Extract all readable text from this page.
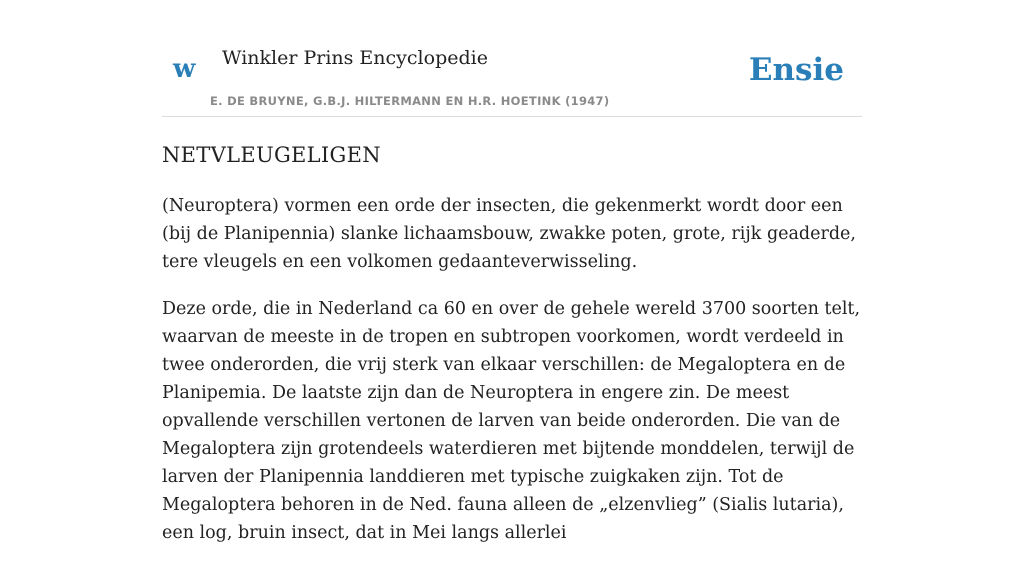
w Winkler Prins Encyclopedie
E. DE BRUYNE, G.B.J. HILTERMANN EN H.R. HOETINK (1947)
Ensie
NETVLEUGELIGEN

(Neuroptera) vormen een orde der insecten, die gekenmerkt wordt door een (bij de Planipennia) slanke lichaamsbouw, zwakke poten, grote, rijk geaderde, tere vleugels en een volkomen gedaanteverwisseling.

Deze orde, die in Nederland ca 60 en over de gehele wereld 3700 soorten telt, waarvan de meeste in de tropen en subtropen voorkomen, wordt verdeeld in twee onderorden, die vrij sterk van elkaar verschillen: de Megaloptera en de Planipemia. De laatste zijn dan de Neuroptera in engere zin. De meest opvallende verschillen vertonen de larven van beide onderorden. Die van de Megaloptera zijn grotendeels waterdieren met bijtende monddelen, terwijl de larven der Planipennia landdieren met typische zuigkaken zijn. Tot de Megaloptera behoren in de Ned. fauna alleen de „elzenvlieg” (Sialis lutaria), een log, bruin insect, dat in Mei langs allerlei
